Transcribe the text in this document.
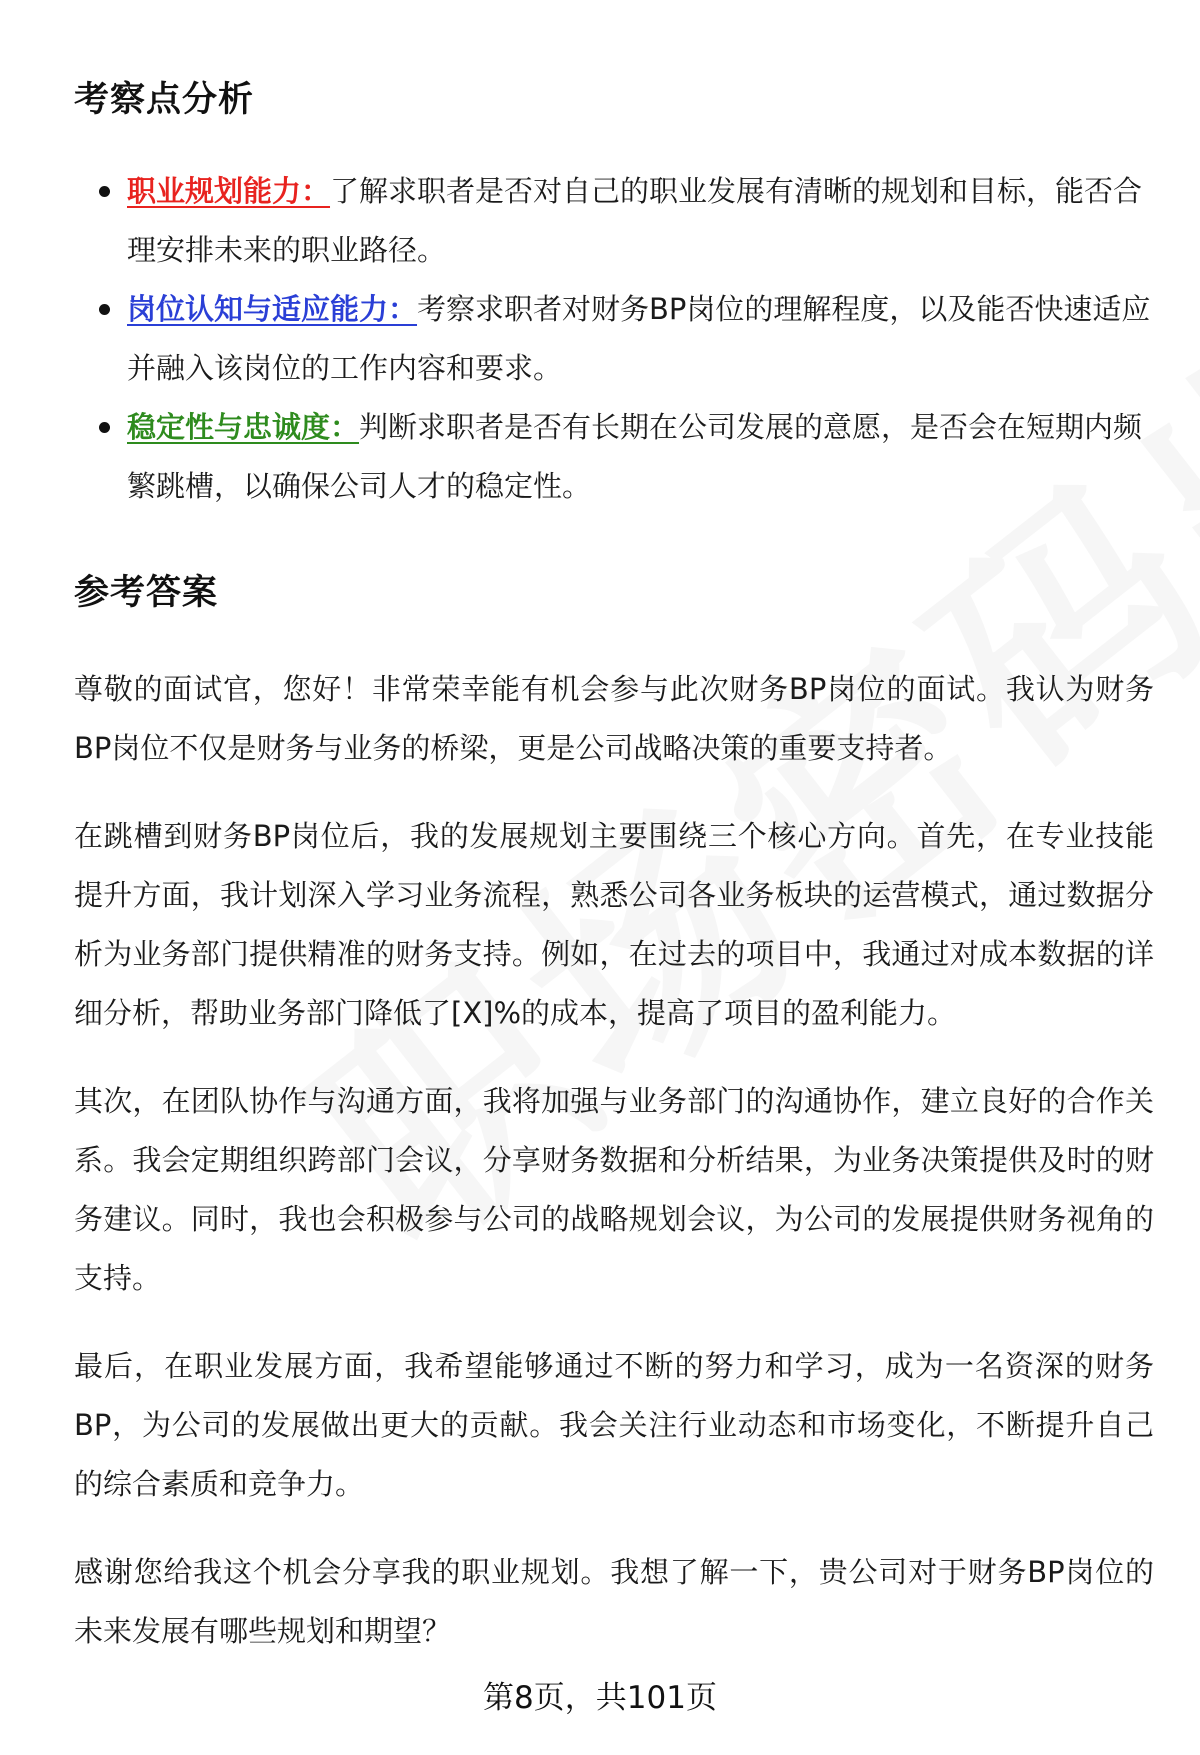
考察点分析
职业规划能力：了解求职者是否对自己的职业发展有清晰的规划和目标，能否合理安排未来的职业路径。
岗位认知与适应能力：考察求职者对财务BP岗位的理解程度，以及能否快速适应并融入该岗位的工作内容和要求。
稳定性与忠诚度：判断求职者是否有长期在公司发展的意愿，是否会在短期内频繁跳槽，以确保公司人才的稳定性。
参考答案

尊敬的面试官，您好！非常荣幸能有机会参与此次财务BP岗位的面试。我认为财务BP岗位不仅是财务与业务的桥梁，更是公司战略决策的重要支持者。

在跳槽到财务BP岗位后，我的发展规划主要围绕三个核心方向。首先，在专业技能提升方面，我计划深入学习业务流程，熟悉公司各业务板块的运营模式，通过数据分析为业务部门提供精准的财务支持。例如，在过去的项目中，我通过对成本数据的详细分析，帮助业务部门降低了[X]%的成本，提高了项目的盈利能力。

其次，在团队协作与沟通方面，我将加强与业务部门的沟通协作，建立良好的合作关系。我会定期组织跨部门会议，分享财务数据和分析结果，为业务决策提供及时的财务建议。同时，我也会积极参与公司的战略规划会议，为公司的发展提供财务视角的支持。

最后，在职业发展方面，我希望能够通过不断的努力和学习，成为一名资深的财务BP，为公司的发展做出更大的贡献。我会关注行业动态和市场变化，不断提升自己的综合素质和竞争力。

感谢您给我这个机会分享我的职业规划。我想了解一下，贵公司对于财务BP岗位的未来发展有哪些规划和期望？

第8页，共101页
